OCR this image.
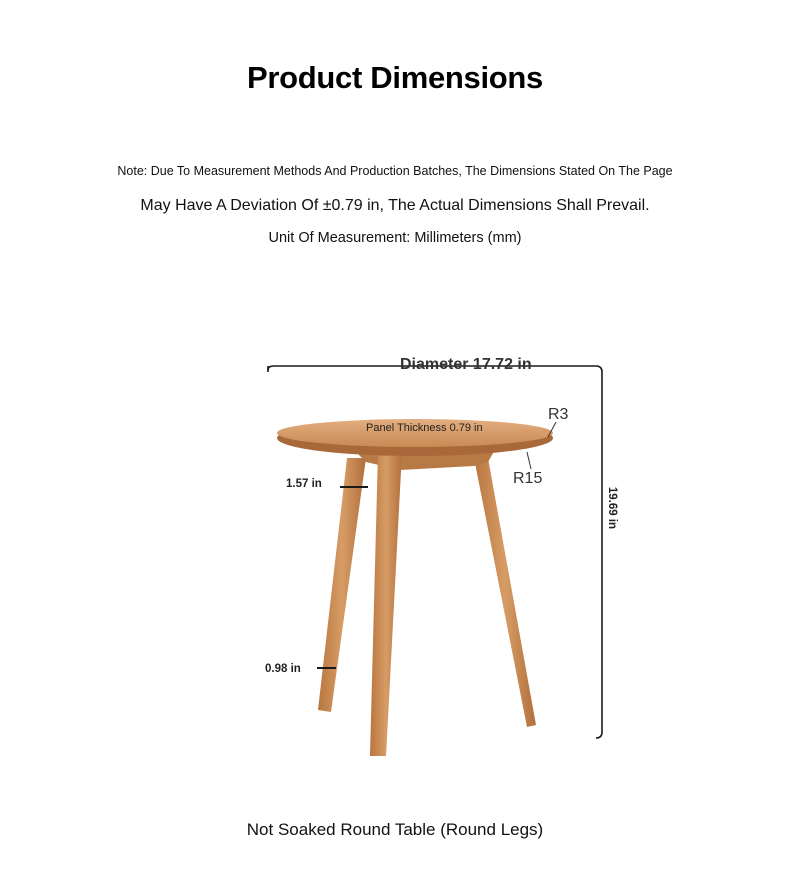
Product Dimensions
Note: Due To Measurement Methods And Production Batches, The Dimensions Stated On The Page
May Have A Deviation Of ±0.79 in, The Actual Dimensions Shall Prevail.
Unit Of Measurement: Millimeters (mm)
Diameter 17.72 in
Panel Thickness 0.79 in
R3
R15
1.57 in
0.98 in
19.69 in
Not Soaked Round Table (Round Legs)
